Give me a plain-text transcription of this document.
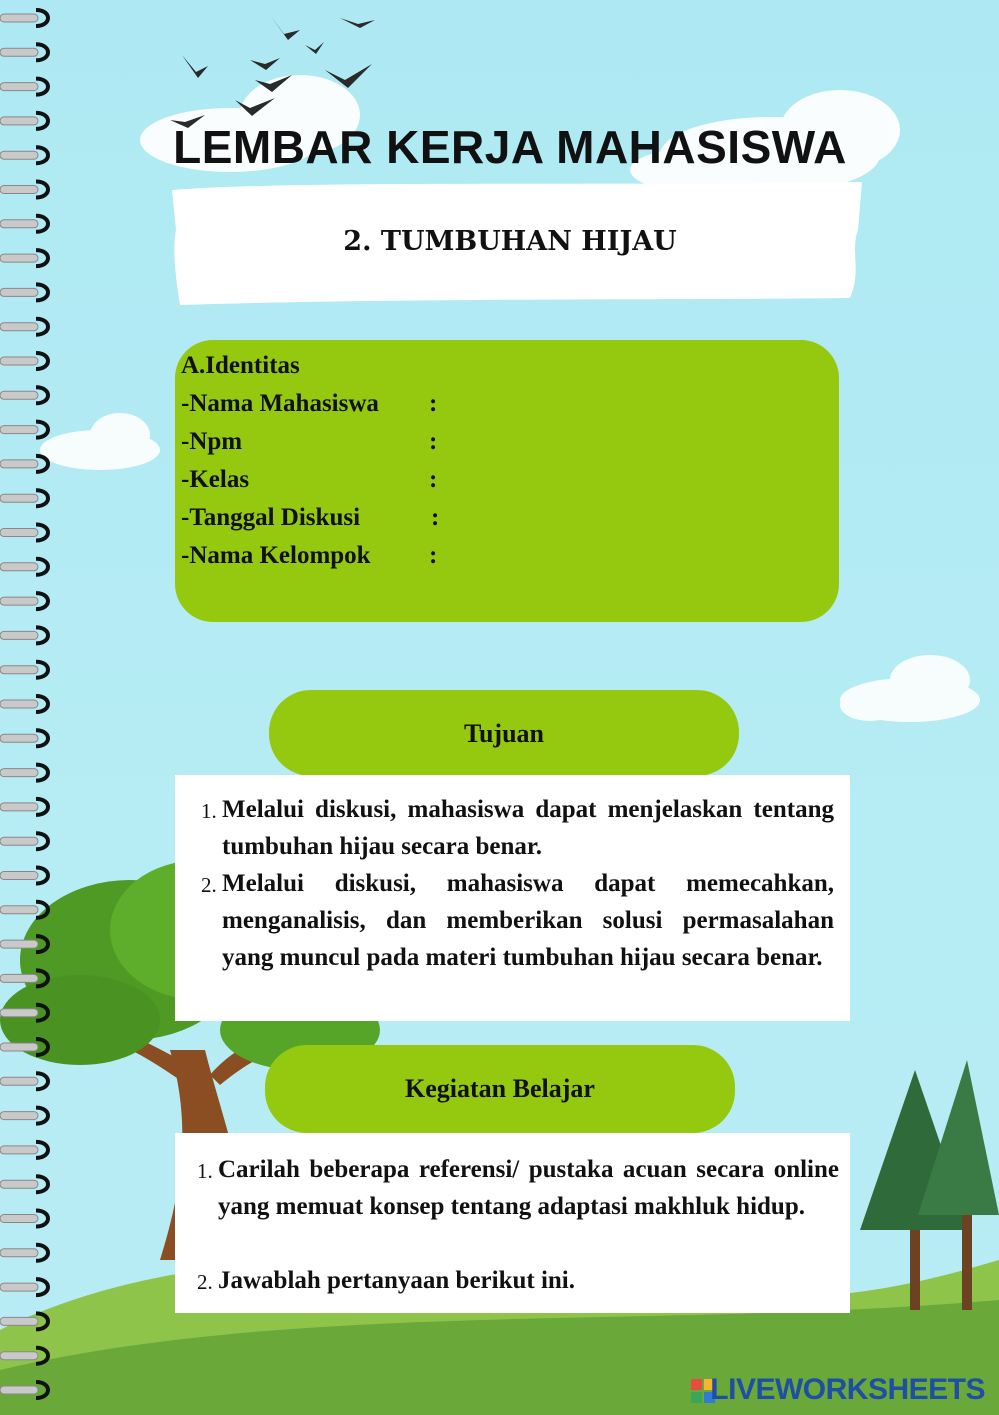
LEMBAR KERJA MAHASISWA
2. TUMBUHAN HIJAU
A.Identitas
-Nama Mahasiswa :
-Npm	:
-Kelas	:
-Tanggal Diskusi	:
-Nama Kelompok :
Tujuan
1. Melalui diskusi, mahasiswa dapat menjelaskan tentang tumbuhan hijau secara benar.
2. Melalui diskusi, mahasiswa dapat memecahkan, menganalisis, dan memberikan solusi permasalahan yang muncul pada materi tumbuhan hijau secara benar.
Kegiatan Belajar
1. Carilah beberapa referensi/ pustaka acuan secara online yang memuat konsep tentang adaptasi makhluk hidup.
2. Jawablah pertanyaan berikut ini.
LIVEWORKSHEETS
